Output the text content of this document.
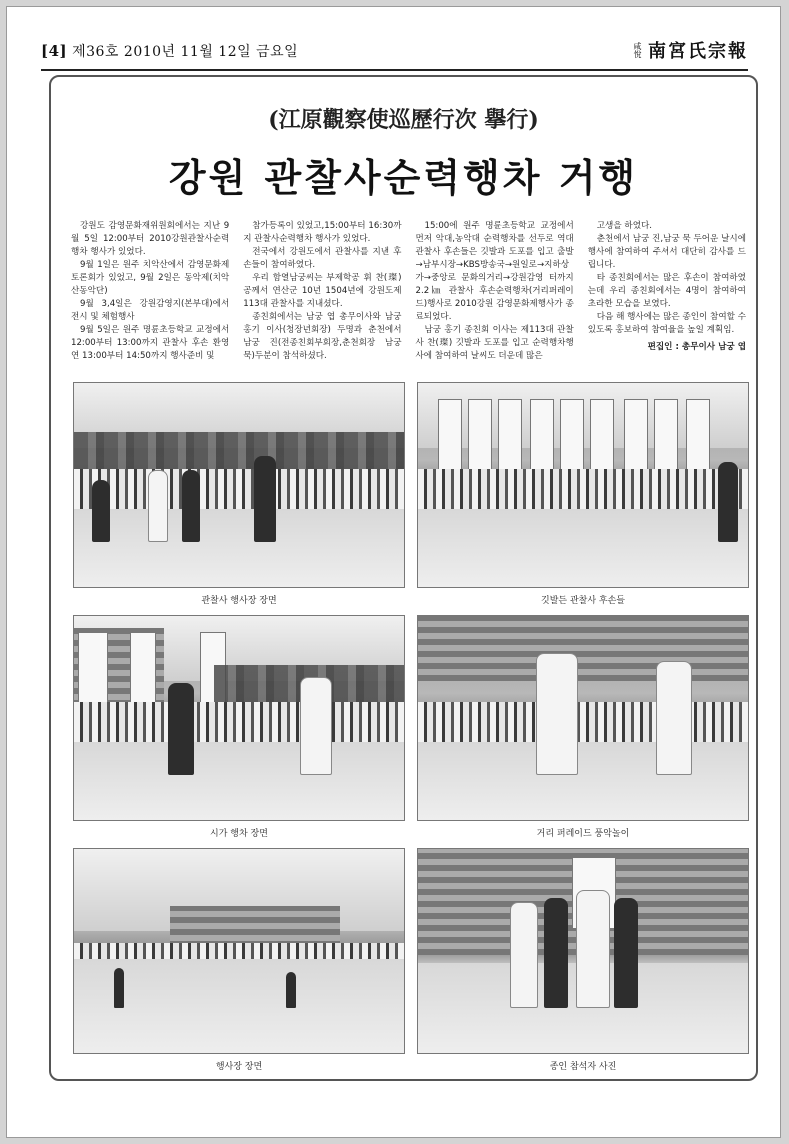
[4] 제36호 2010년 11월 12일 금요일	咸悅 南宮氏宗報
(江原觀察使巡歷行次 擧行)
강원 관찰사순력행차 거행

강원도 감영문화재위원회에서는 지난 9월 5일 12:00부터 2010강원관찰사순력행차 행사가 있었다.

9월 1일은 원주 치악산에서 감영문화제 토론회가 있었고, 9월 2일은 동악제(치악산동악단)

9월 3,4일은 강원감영지(본부대)에서 전시 및 체험행사

9월 5일은 원주 명륜초등학교 교정에서 12:00부터 13:00까지 관찰사 후손 환영연 13:00부터 14:50까지 행사준비 및

참가등록이 있었고,15:00부터 16:30까지 관찰사순력행차 행사가 있었다.

전국에서 강원도에서 관찰사를 지낸 후손들이 참여하였다.

우리 함열남궁씨는 부제학공 휘 찬(璨)공께서 연산군 10년 1504년에 강원도제 113대 관찰사를 지내셨다.

종친회에서는 남궁 엽 총무이사와 남궁 홍기 이사(청장년회장) 두명과 춘천에서 남궁 진(전종친회부회장,춘천회장 남궁 묵)두분이 참석하셨다.

15:00에 원주 명륜초등학교 교정에서 먼저 악대,농악대 순력행차를 선두로 역대 관찰사 후손들은 깃발과 도포를 입고 출발→남부시장→KBS방송국→원일로→지하상가→중앙로 문화의거리→강원감영 터까지 2.2㎞ 관찰사 후손순력행차(거리퍼레이드)행사로 2010강원 감영문화제행사가 종료되었다.

남궁 홍기 종친회 이사는 제113대 관찰사 찬(璨) 깃발과 도포를 입고 순력행차행사에 참여하여 날씨도 더운데 많은

고생을 하였다.

춘천에서 남궁 진,남궁 묵 두어운 날시에 행사에 참여하여 주셔서 대단히 감사를 드립니다.

타 종친회에서는 많은 후손이 참여하였는데 우리 종친회에서는 4명이 참여하여 초라한 모습을 보였다.

다음 해 행사에는 많은 종인이 참여할 수 있도록 홍보하여 참여율을 높일 계획임.

편집인 : 총무이사 남궁 엽

관찰사 행사장 장면	깃발든 관찰사 후손들
시가 행차 장면	거리 퍼레이드 풍악놀이
행사장 장면	종인 참석자 사진
